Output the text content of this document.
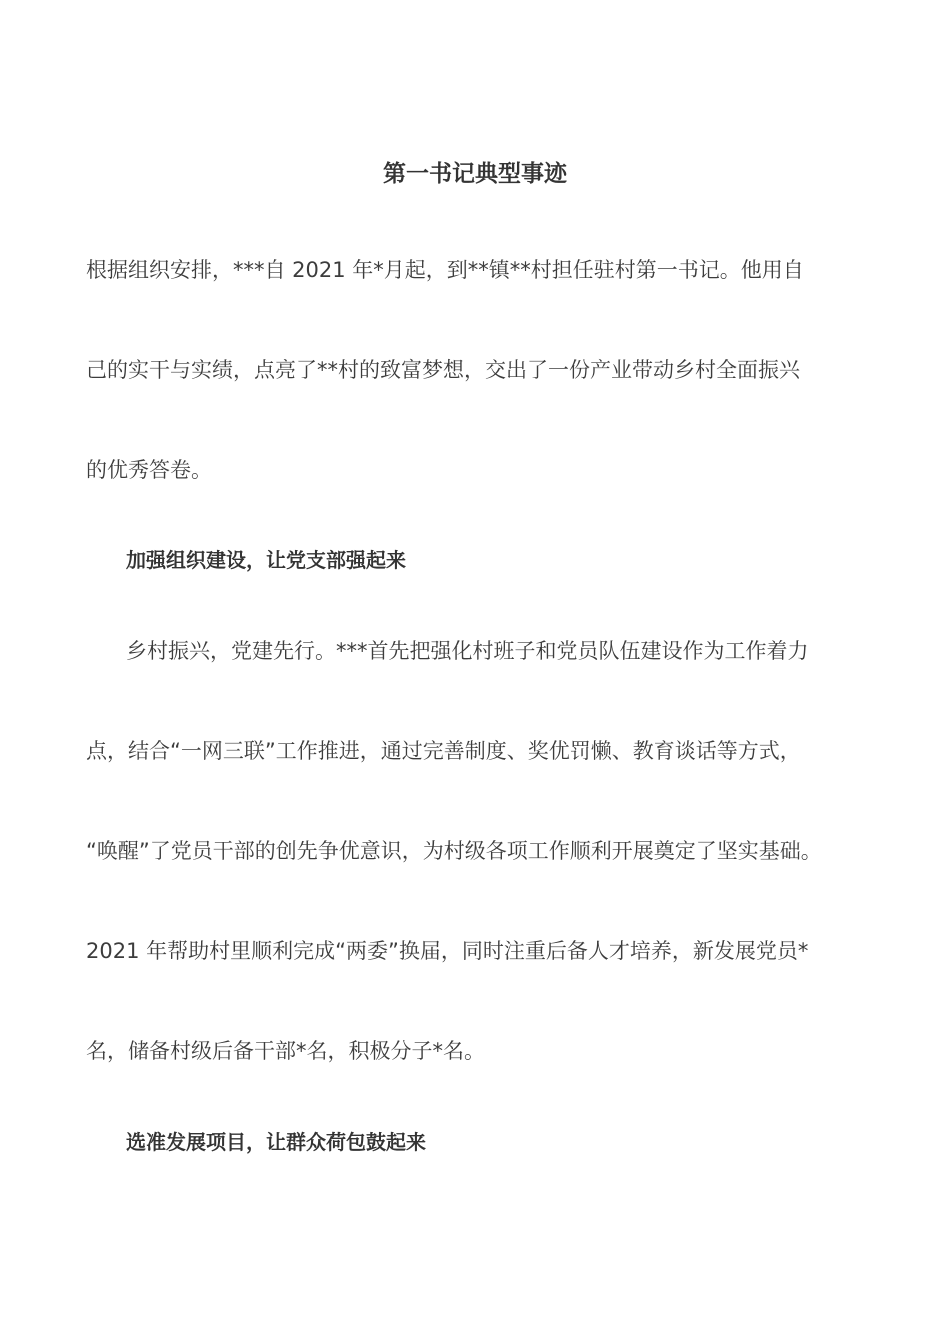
第一书记典型事迹
根据组织安排，***自 2021 年*月起，到**镇**村担任驻村第一书记。他用自
己的实干与实绩，点亮了**村的致富梦想，交出了一份产业带动乡村全面振兴
的优秀答卷。
加强组织建设，让党支部强起来
乡村振兴，党建先行。***首先把强化村班子和党员队伍建设作为工作着力
点，结合“一网三联”工作推进，通过完善制度、奖优罚懒、教育谈话等方式，
“唤醒”了党员干部的创先争优意识，为村级各项工作顺利开展奠定了坚实基础。
2021 年帮助村里顺利完成“两委”换届，同时注重后备人才培养，新发展党员*
名，储备村级后备干部*名，积极分子*名。
选准发展项目，让群众荷包鼓起来
